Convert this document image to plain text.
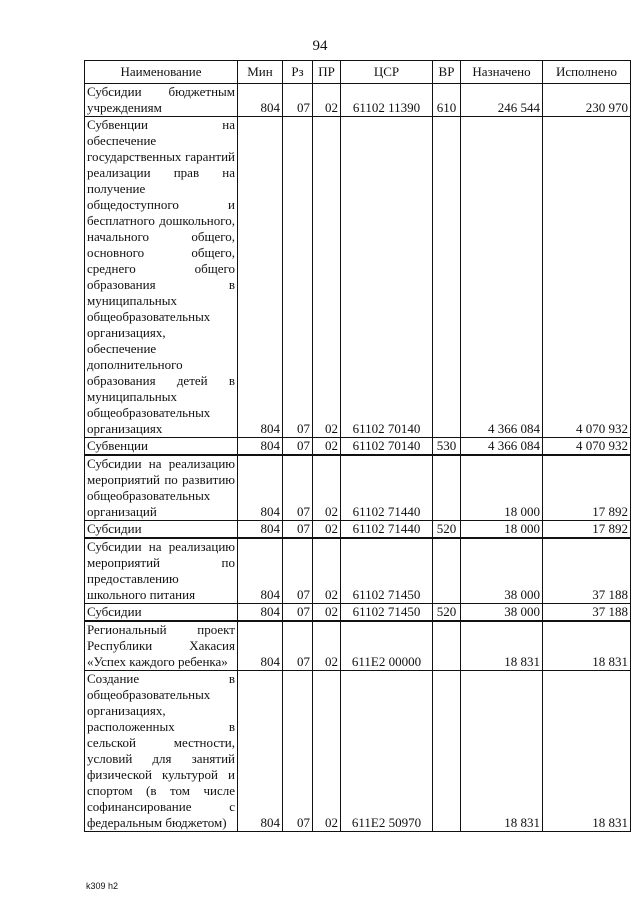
94
Наименование	Мин	Рз	ПР	ЦСР	ВР	Назначено	Исполнено
Субсидии бюджетным учреждениям	804	07	02	61102 11390	610	246 544	230 970
Субвенции на обеспечение государственных гарантий реализации прав на получение общедоступного и бесплатного дошкольного, начального общего, основного общего, среднего общего образования в муниципальных общеобразовательных организациях, обеспечение дополнительного образования детей в муниципальных общеобразовательных организациях	804	07	02	61102 70140		4 366 084	4 070 932
Субвенции	804	07	02	61102 70140	530	4 366 084	4 070 932
Субсидии на реализацию мероприятий по развитию общеобразовательных организаций	804	07	02	61102 71440		18 000	17 892
Субсидии	804	07	02	61102 71440	520	18 000	17 892
Субсидии на реализацию мероприятий по предоставлению школьного питания	804	07	02	61102 71450		38 000	37 188
Субсидии	804	07	02	61102 71450	520	38 000	37 188
Региональный проект Республики Хакасия «Успех каждого ребенка»	804	07	02	611E2 00000		18 831	18 831
Создание в общеобразовательных организациях, расположенных в сельской местности, условий для занятий физической культурой и спортом (в том числе софинансирование с федеральным бюджетом)	804	07	02	611E2 50970		18 831	18 831
k309 h2
